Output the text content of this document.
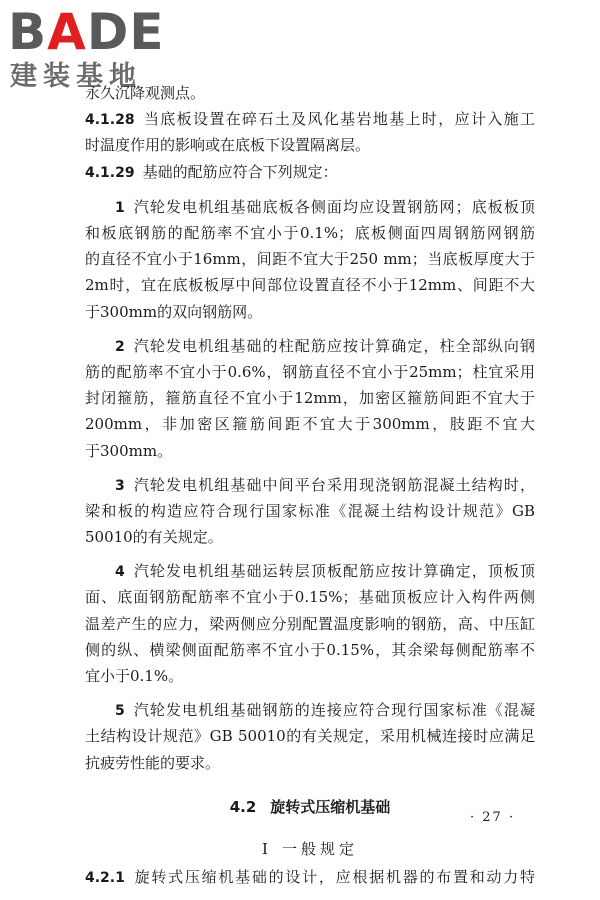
BADE
建装基地
永久沉降观测点。
4.1.28 当底板设置在碎石土及风化基岩地基上时，应计入施工
时温度作用的影响或在底板下设置隔离层。
4.1.29 基础的配筋应符合下列规定：
1 汽轮发电机组基础底板各侧面均应设置钢筋网；底板板顶
和板底钢筋的配筋率不宜小于0.1%；底板侧面四周钢筋网钢筋
的直径不宜小于16mm，间距不宜大于250 mm；当底板厚度大于
2m时，宜在底板板厚中间部位设置直径不小于12mm、间距不大
于300mm的双向钢筋网。
2 汽轮发电机组基础的柱配筋应按计算确定，柱全部纵向钢
筋的配筋率不宜小于0.6%，钢筋直径不宜小于25mm；柱宜采用
封闭箍筋，箍筋直径不宜小于12mm，加密区箍筋间距不宜大于
200mm，非加密区箍筋间距不宜大于300mm，肢距不宜大
于300mm。
3 汽轮发电机组基础中间平台采用现浇钢筋混凝土结构时，
梁和板的构造应符合现行国家标准《混凝土结构设计规范》GB
50010的有关规定。
4 汽轮发电机组基础运转层顶板配筋应按计算确定，顶板顶
面、底面钢筋配筋率不宜小于0.15%；基础顶板应计入构件两侧
温差产生的应力，梁两侧应分别配置温度影响的钢筋，高、中压缸
侧的纵、横梁侧面配筋率不宜小于0.15%，其余梁每侧配筋率不
宜小于0.1%。
5 汽轮发电机组基础钢筋的连接应符合现行国家标准《混凝
土结构设计规范》GB 50010的有关规定，采用机械连接时应满足
抗疲劳性能的要求。
4.2 旋转式压缩机基础
Ⅰ 一般规定
4.2.1 旋转式压缩机基础的设计，应根据机器的布置和动力特
· 27 ·
